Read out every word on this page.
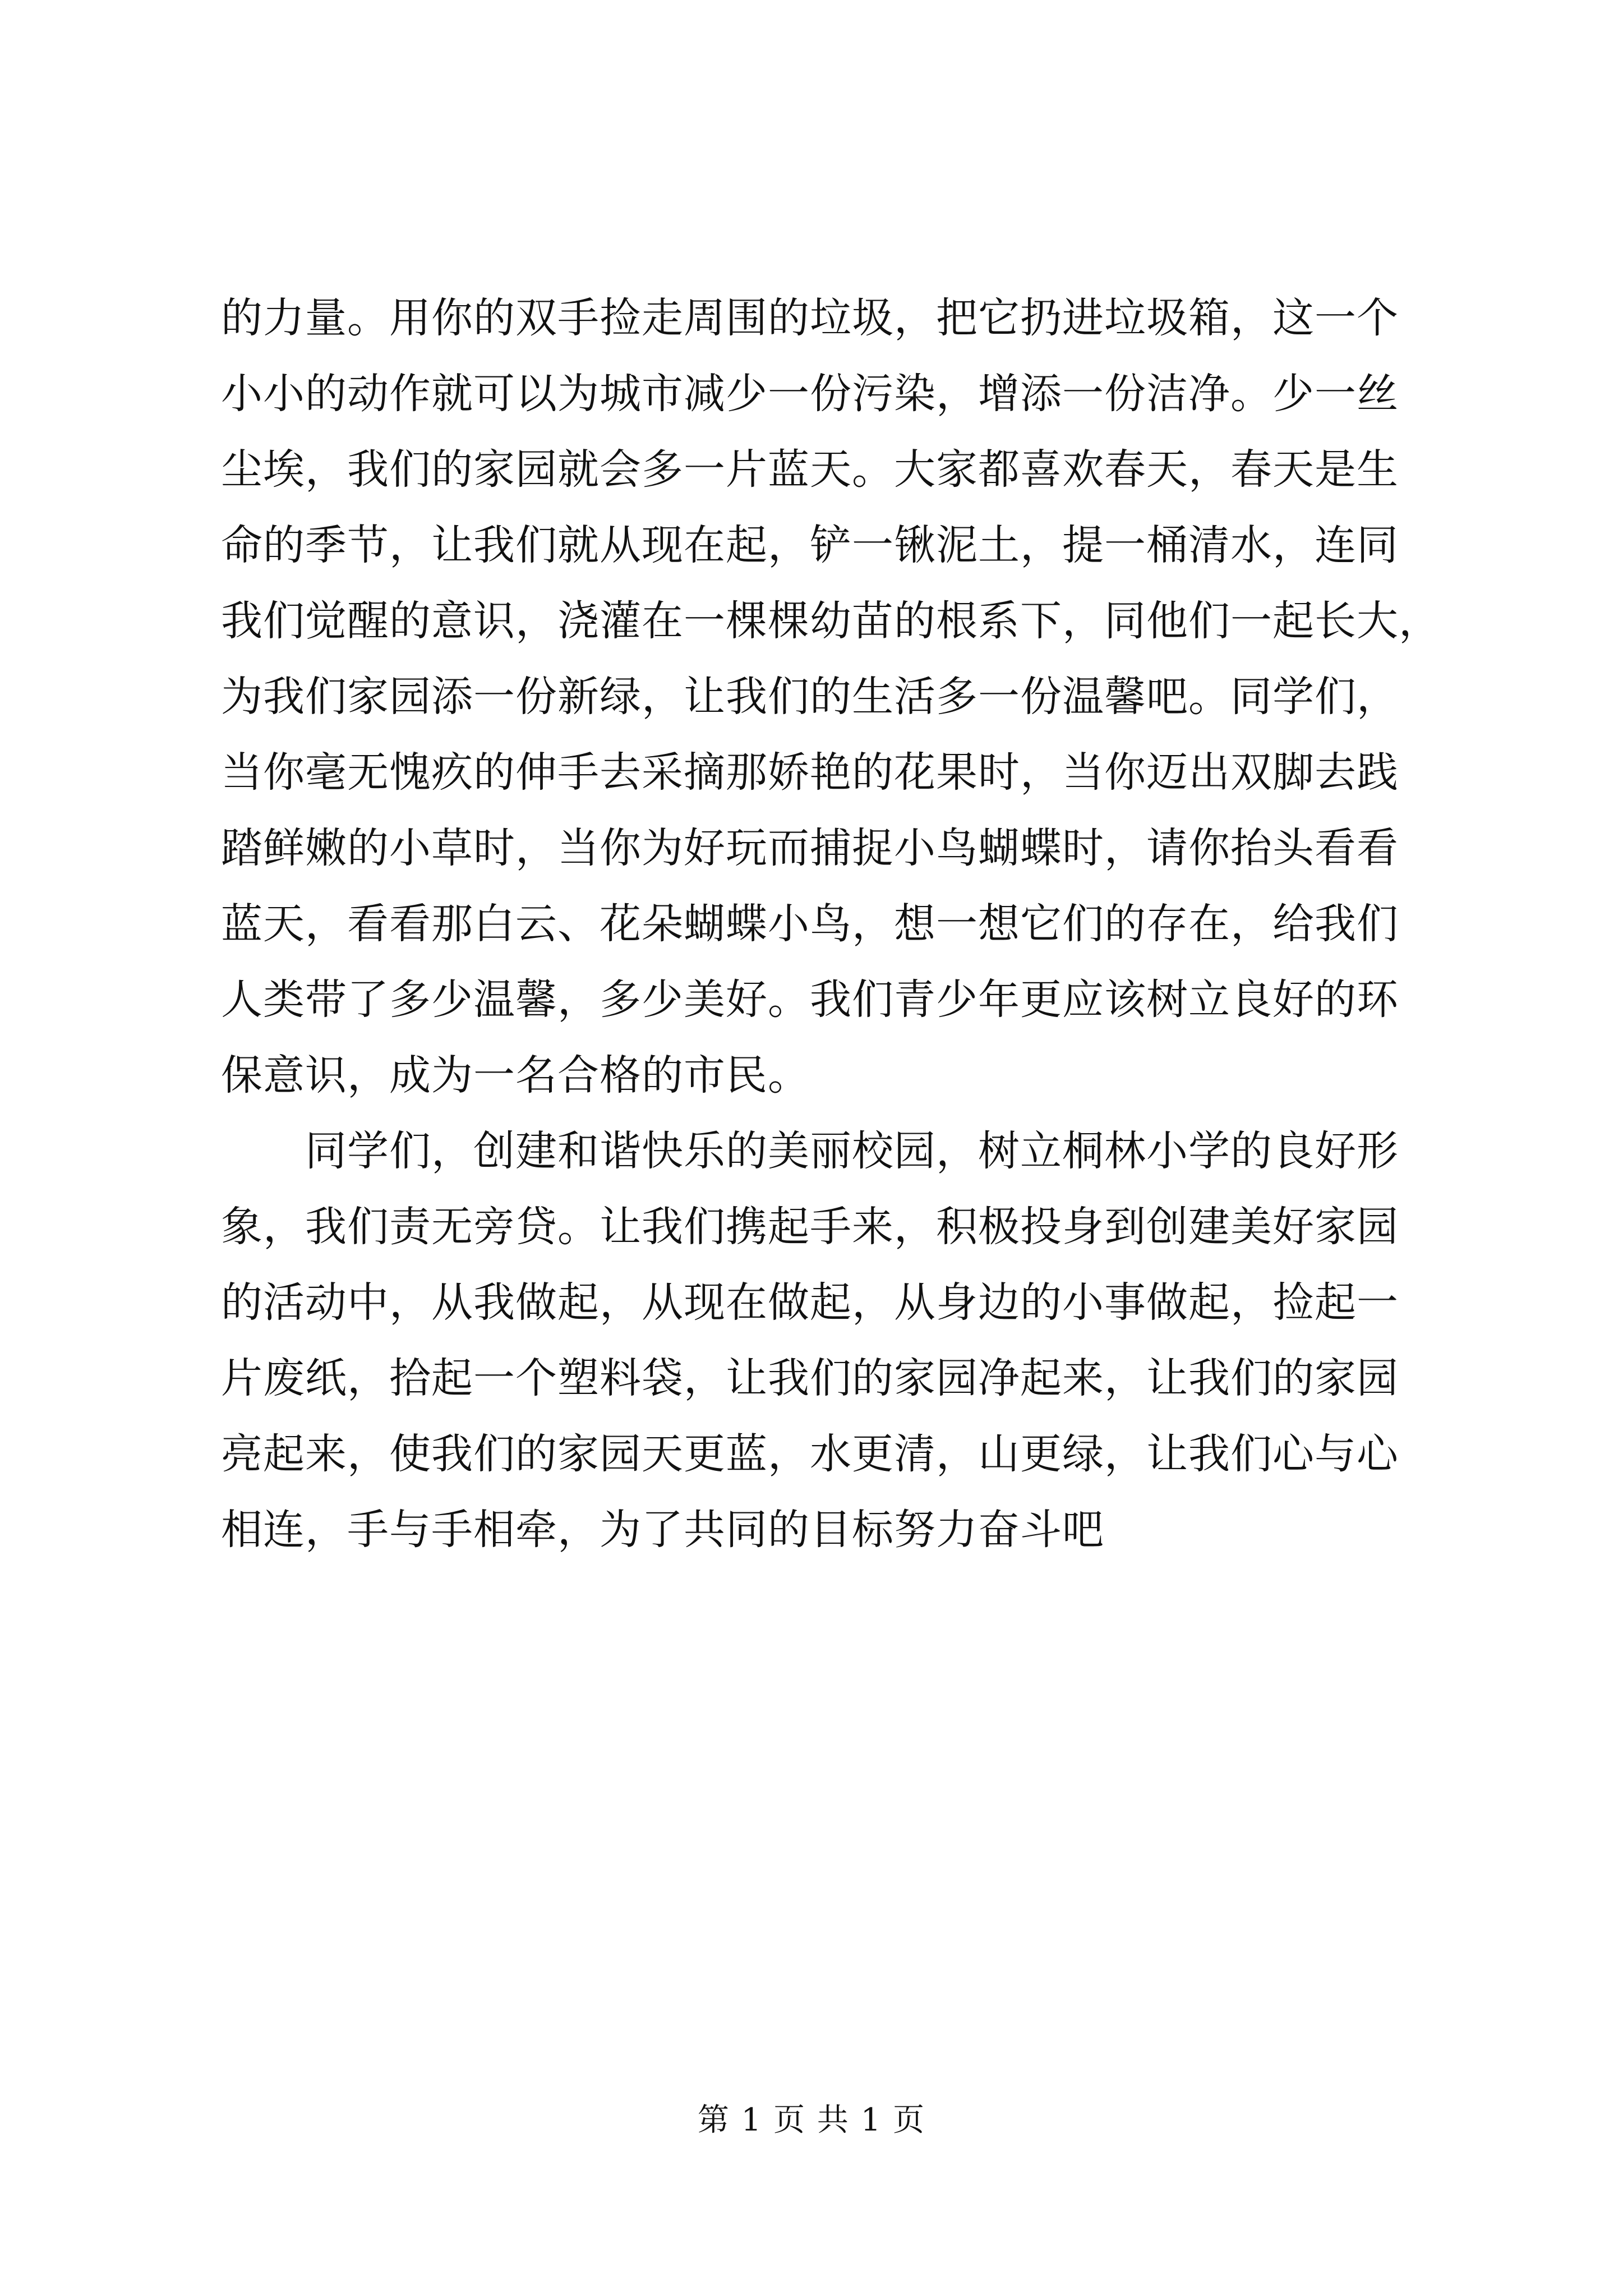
的力量。用你的双手捡走周围的垃圾，把它扔进垃圾箱，这一个
小小的动作就可以为城市减少一份污染，增添一份洁净。少一丝
尘埃，我们的家园就会多一片蓝天。大家都喜欢春天，春天是生
命的季节，让我们就从现在起，铲一锹泥土，提一桶清水，连同
我们觉醒的意识，浇灌在一棵棵幼苗的根系下，同他们一起长大，
为我们家园添一份新绿，让我们的生活多一份温馨吧。同学们，
当你毫无愧疚的伸手去采摘那娇艳的花果时，当你迈出双脚去践
踏鲜嫩的小草时，当你为好玩而捕捉小鸟蝴蝶时，请你抬头看看
蓝天，看看那白云、花朵蝴蝶小鸟，想一想它们的存在，给我们
人类带了多少温馨，多少美好。我们青少年更应该树立良好的环
保意识，成为一名合格的市民。
　　同学们，创建和谐快乐的美丽校园，树立桐林小学的良好形
象，我们责无旁贷。让我们携起手来，积极投身到创建美好家园
的活动中，从我做起，从现在做起，从身边的小事做起，捡起一
片废纸，拾起一个塑料袋，让我们的家园净起来，让我们的家园
亮起来，使我们的家园天更蓝，水更清，山更绿，让我们心与心
相连，手与手相牵，为了共同的目标努力奋斗吧
第 1 页 共 1 页
